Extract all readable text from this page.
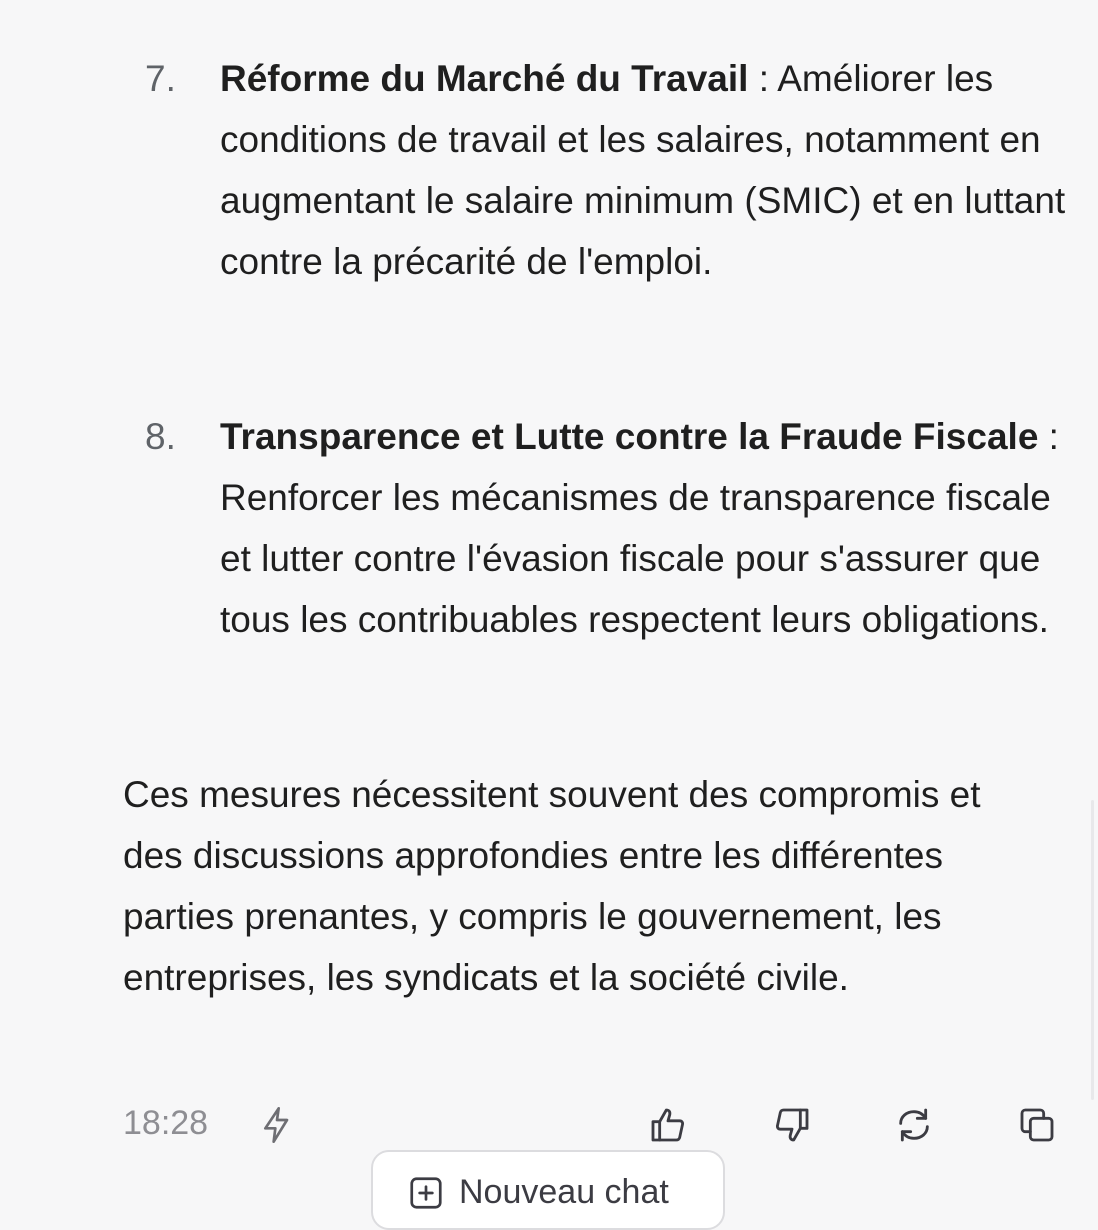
7. Réforme du Marché du Travail : Améliorer les conditions de travail et les salaires, notamment en augmentant le salaire minimum (SMIC) et en luttant contre la précarité de l'emploi.
8. Transparence et Lutte contre la Fraude Fiscale : Renforcer les mécanismes de transparence fiscale et lutter contre l'évasion fiscale pour s'assurer que tous les contribuables respectent leurs obligations.
Ces mesures nécessitent souvent des compromis et des discussions approfondies entre les différentes parties prenantes, y compris le gouvernement, les entreprises, les syndicats et la société civile.
18:28
Nouveau chat
